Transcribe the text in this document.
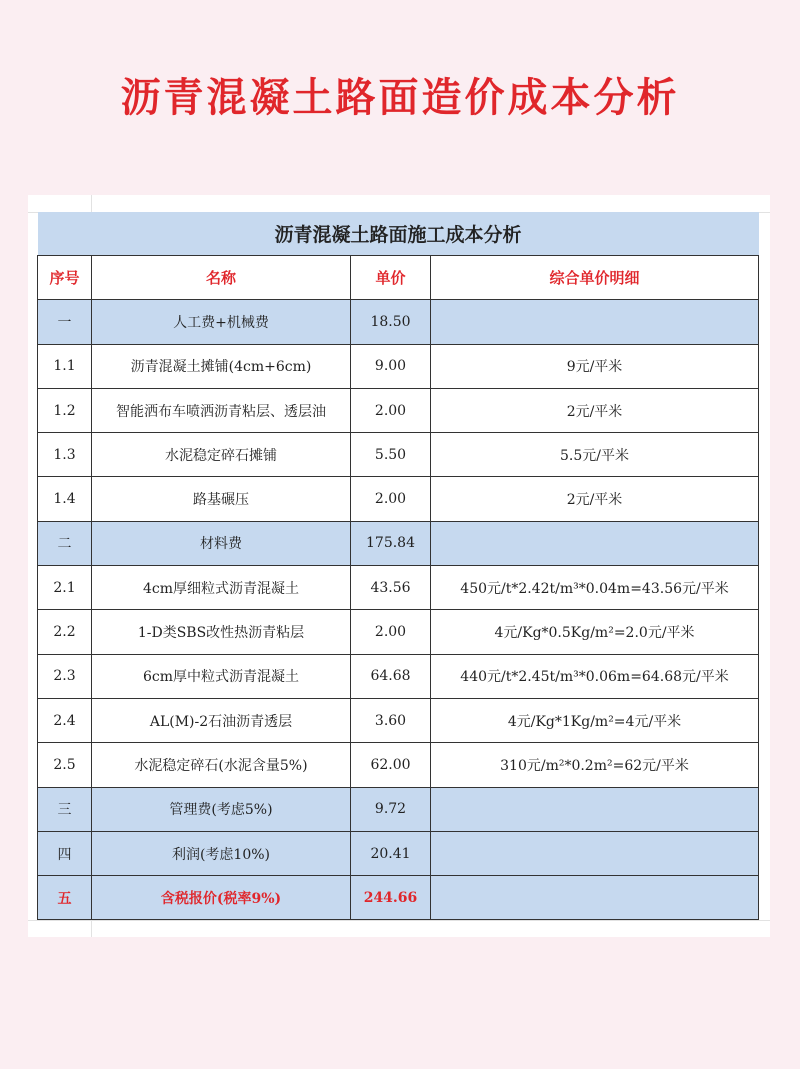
沥青混凝土路面造价成本分析
沥青混凝土路面施工成本分析			
序号	名称	单价	综合单价明细
一	人工费+机械费	18.50	
1.1	沥青混凝土摊铺(4cm+6cm)	9.00	9元/平米
1.2	智能洒布车喷洒沥青粘层、透层油	2.00	2元/平米
1.3	水泥稳定碎石摊铺	5.50	5.5元/平米
1.4	路基碾压	2.00	2元/平米
二	材料费	175.84	
2.1	4cm厚细粒式沥青混凝土	43.56	450元/t*2.42t/m³*0.04m=43.56元/平米
2.2	1-D类SBS改性热沥青粘层	2.00	4元/Kg*0.5Kg/m²=2.0元/平米
2.3	6cm厚中粒式沥青混凝土	64.68	440元/t*2.45t/m³*0.06m=64.68元/平米
2.4	AL(M)-2石油沥青透层	3.60	4元/Kg*1Kg/m²=4元/平米
2.5	水泥稳定碎石(水泥含量5%)	62.00	310元/m²*0.2m²=62元/平米
三	管理费(考虑5%)	9.72	
四	利润(考虑10%)	20.41	
五	含税报价(税率9%)	244.66	
